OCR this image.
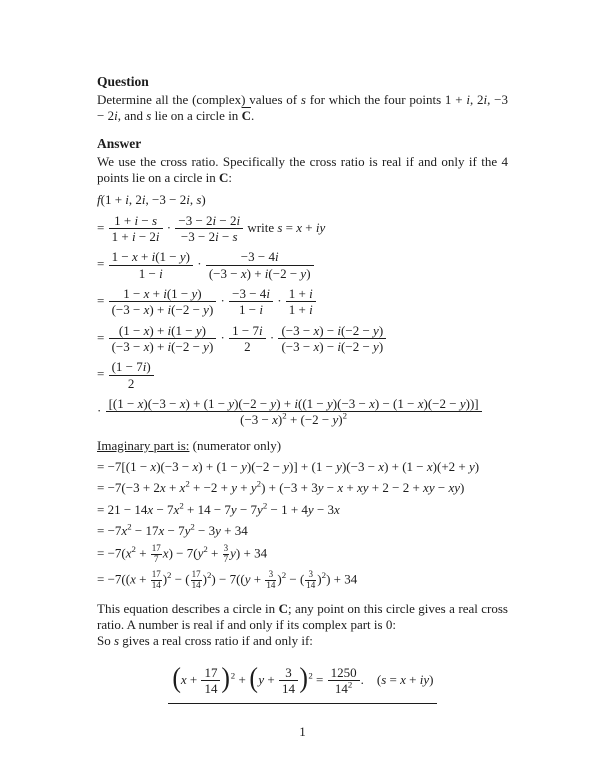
Question

Determine all the (complex) values of s for which the four points 1 + i, 2i, −3 − 2i, and s lie on a circle in $\overline{C}$.

Answer

We use the cross ratio. Specifically the cross ratio is real if and only if the 4 points lie on a circle in C:

f(1 + i, 2i, −3 − 2i, s)
= $\frac{1 + i - s}{1 + i - 2i} \cdot \frac{-3 - 2i - 2i}{-3 - 2i - s}$ write s = x + iy
= $\frac{1 - x + i(1 - y)}{1 - i} \cdot \frac{-3 - 4i}{(-3 - x) + i(-2 - y)}$
= $\frac{1 - x + i(1 - y)}{(-3 - x) + i(-2 - y)} \cdot \frac{-3 - 4i}{1 - i} \cdot \frac{1 + i}{1 + i}$
= $\frac{(1 - x) + i(1 - y)}{(-3 - x) + i(-2 - y)} \cdot \frac{1 - 7i}{2} \cdot \frac{(-3 - x) - i(-2 - y)}{(-3 - x) - i(-2 - y)}$
= $\frac{(1 - 7i)}{2}$
· [(1 − x)(−3 − x) + (1 − y)(−2 − y) + i((1 − y)(−3 − x) − (1 − x)(−2 − y))]
$(-3 - x)^2 + (-2 - y)^2$

Imaginary part is: (numerator only)

= −7[(1 − x)(−3 − x) + (1 − y)(−2 − y)] + (1 − y)(−3 − x) + (1 − x)(+2 + y)
= $-7(-3 + 2x + x^2 + -2 + y + y^2) + (-3 + 3y - x$ + xy + 2 − 2 + xy − xy)
= $21 - 14x - 7x^2 + 14 - 7y - 7y^2 - 1 + 4y - 3x$
= $-7x^2 - 17x - 7y^2 - 3y + 34$
= $-7(x^2 + \frac{17}{7} x) - 7(y^2 + \frac{3}{7} y) + 34$
= $-7((x + \frac{17}{14} )^2$ − ( $\frac{17}{14} )^2) - 7((y + \frac{3}{14} )^2$ − ( $\frac{3}{14} )^2) + 34$

This equation describes a circle in C; any point on this circle gives a real cross ratio. A number is real if and only if its complex part is 0:

So s gives a real cross ratio if and only if:

$(x + \frac{17}{14} )^2 + (y + \frac{3}{14} )^2 = \frac{1250}{14^2}$ .   (s = x + iy)
1
